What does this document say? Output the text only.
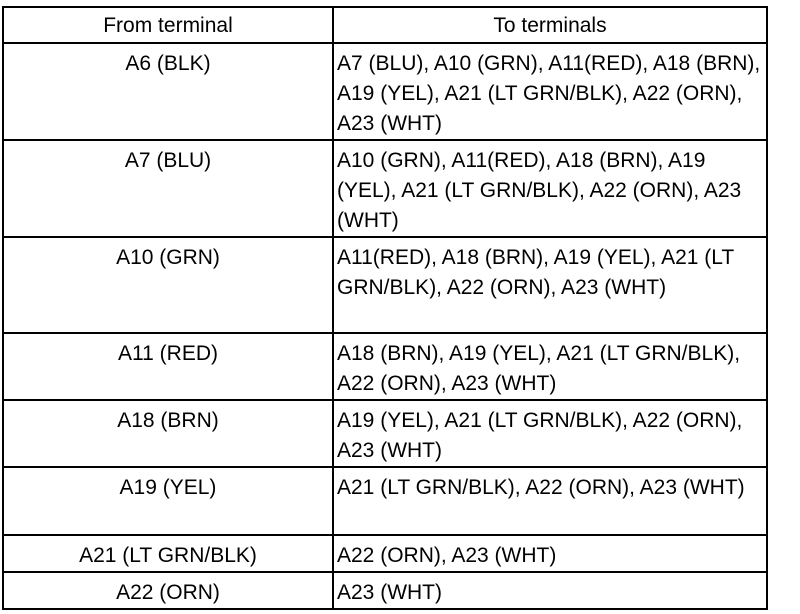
From terminal	To terminals
A6 (BLK)	A7 (BLU), A10 (GRN), A11(RED), A18 (BRN), A19 (YEL), A21 (LT GRN/BLK), A22 (ORN), A23 (WHT)
A7 (BLU)	A10 (GRN), A11(RED), A18 (BRN), A19 (YEL), A21 (LT GRN/BLK), A22 (ORN), A23 (WHT)
A10 (GRN)	A11(RED), A18 (BRN), A19 (YEL), A21 (LT GRN/BLK), A22 (ORN), A23 (WHT)
A11 (RED)	A18 (BRN), A19 (YEL), A21 (LT GRN/BLK), A22 (ORN), A23 (WHT)
A18 (BRN)	A19 (YEL), A21 (LT GRN/BLK), A22 (ORN), A23 (WHT)
A19 (YEL)	A21 (LT GRN/BLK), A22 (ORN), A23 (WHT)
A21 (LT GRN/BLK)	A22 (ORN), A23 (WHT)
A22 (ORN)	A23 (WHT)
